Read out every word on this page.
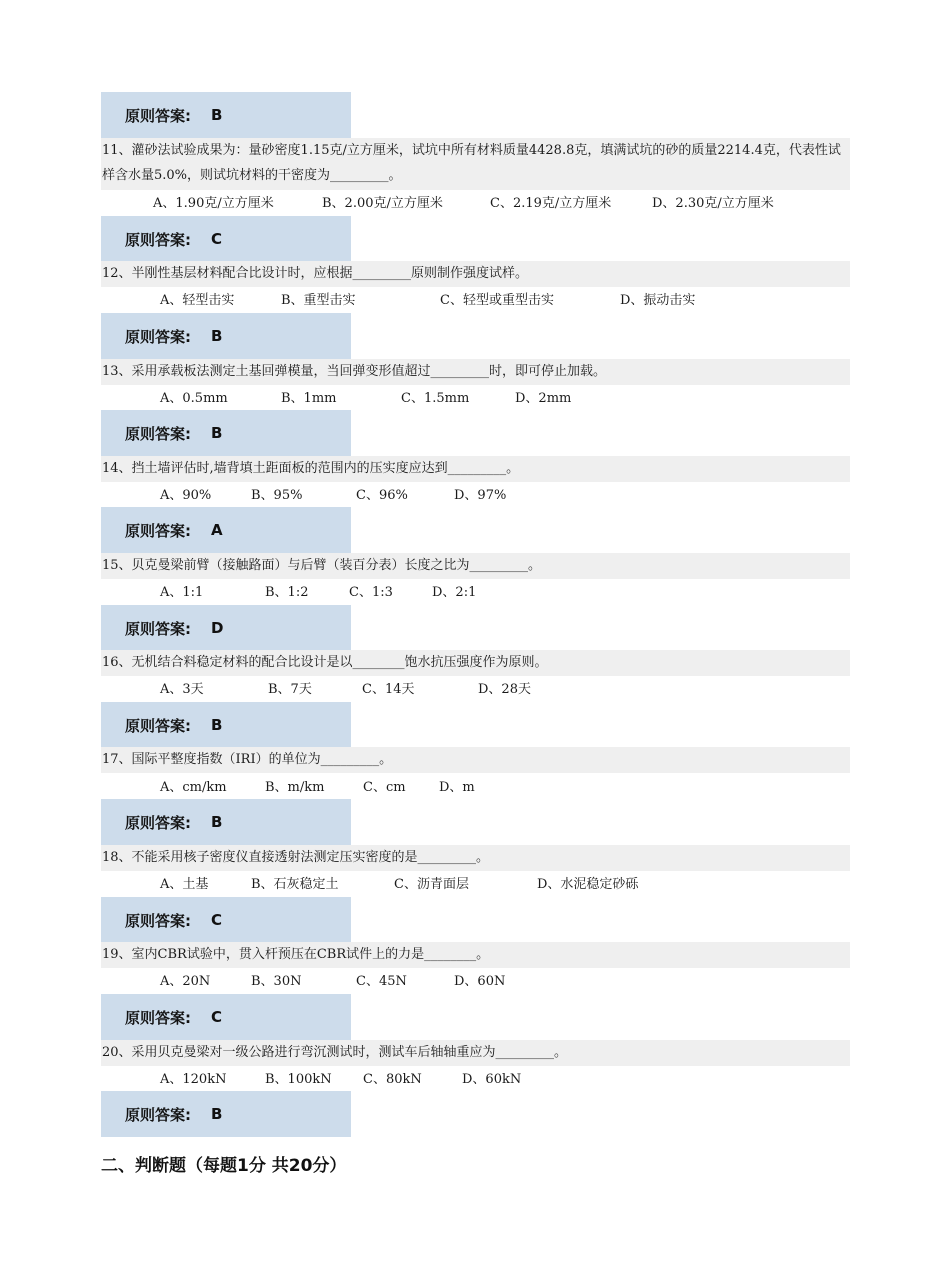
原则答案: B
11、灌砂法试验成果为：量砂密度1.15克/立方厘米，试坑中所有材料质量4428.8克，填满试坑的砂的质量2214.4克，代表性试样含水量5.0%，则试坑材料的干密度为_________。
A、1.90克/立方厘米	B、2.00克/立方厘米	C、2.19克/立方厘米	D、2.30克/立方厘米
原则答案: C
12、半刚性基层材料配合比设计时，应根据_________原则制作强度试样。
A、轻型击实	B、重型击实	C、轻型或重型击实	D、振动击实
原则答案: B
13、采用承载板法测定土基回弹模量，当回弹变形值超过_________时，即可停止加载。
A、0.5mm	B、1mm	C、1.5mm	D、2mm
原则答案: B
14、挡土墙评估时,墙背填土距面板的范围内的压实度应达到_________。
A、90%	B、95%	C、96%	D、97%
原则答案: A
15、贝克曼梁前臂（接触路面）与后臂（装百分表）长度之比为_________。
A、1:1	B、1:2	C、1:3	D、2:1
原则答案: D
16、无机结合料稳定材料的配合比设计是以________饱水抗压强度作为原则。
A、3天	B、7天	C、14天	D、28天
原则答案: B
17、国际平整度指数（IRI）的单位为_________。
A、cm/km	B、m/km	C、cm	D、m
原则答案: B
18、不能采用核子密度仪直接透射法测定压实密度的是_________。
A、土基	B、石灰稳定土	C、沥青面层	D、水泥稳定砂砾
原则答案: C
19、室内CBR试验中，贯入杆预压在CBR试件上的力是________。
A、20N	B、30N	C、45N	D、60N
原则答案: C
20、采用贝克曼梁对一级公路进行弯沉测试时，测试车后轴轴重应为_________。
A、120kN	B、100kN C、80kN	D、60kN
原则答案: B
二、判断题（每题1分 共20分）
